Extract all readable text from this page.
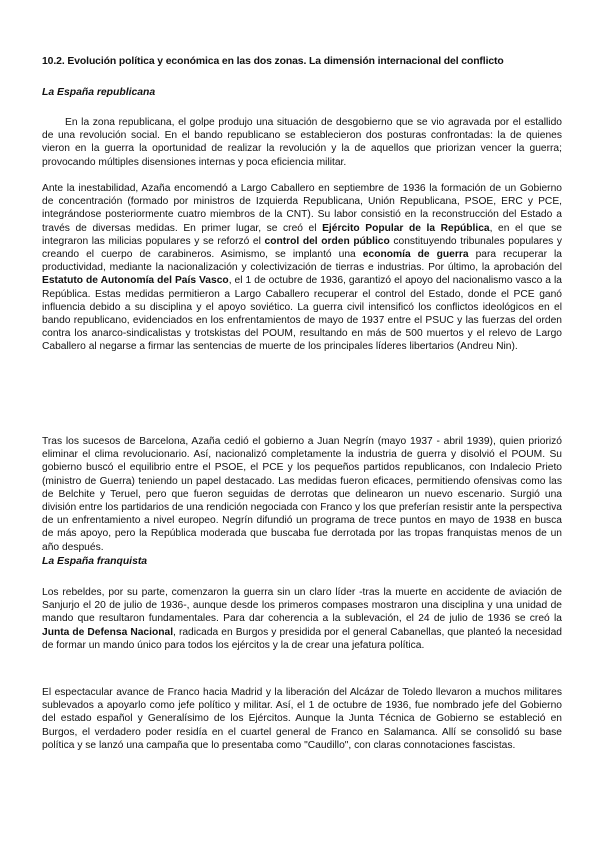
10.2. Evolución política y económica en las dos zonas. La dimensión internacional del conflicto
La España republicana

En la zona republicana, el golpe produjo una situación de desgobierno que se vio agravada por el estallido de una revolución social. En el bando republicano se establecieron dos posturas confrontadas: la de quienes vieron en la guerra la oportunidad de realizar la revolución y la de aquellos que priorizan vencer la guerra; provocando múltiples disensiones internas y poca eficiencia militar.

Ante la inestabilidad, Azaña encomendó a Largo Caballero en septiembre de 1936 la formación de un Gobierno de concentración (formado por ministros de Izquierda Republicana, Unión Republicana, PSOE, ERC y PCE, integrándose posteriormente cuatro miembros de la CNT). Su labor consistió en la reconstrucción del Estado a través de diversas medidas. En primer lugar, se creó el Ejército Popular de la República, en el que se integraron las milicias populares y se reforzó el control del orden público constituyendo tribunales populares y creando el cuerpo de carabineros. Asimismo, se implantó una economía de guerra para recuperar la productividad, mediante la nacionalización y colectivización de tierras e industrias. Por último, la aprobación del Estatuto de Autonomía del País Vasco, el 1 de octubre de 1936, garantizó el apoyo del nacionalismo vasco a la República. Estas medidas permitieron a Largo Caballero recuperar el control del Estado, donde el PCE ganó influencia debido a su disciplina y el apoyo soviético. La guerra civil intensificó los conflictos ideológicos en el bando republicano, evidenciados en los enfrentamientos de mayo de 1937 entre el PSUC y las fuerzas del orden contra los anarco-sindicalistas y trotskistas del POUM, resultando en más de 500 muertos y el relevo de Largo Caballero al negarse a firmar las sentencias de muerte de los principales líderes libertarios (Andreu Nin).

Tras los sucesos de Barcelona, Azaña cedió el gobierno a Juan Negrín (mayo 1937 - abril 1939), quien priorizó eliminar el clima revolucionario. Así, nacionalizó completamente la industria de guerra y disolvió el POUM. Su gobierno buscó el equilibrio entre el PSOE, el PCE y los pequeños partidos republicanos, con Indalecio Prieto (ministro de Guerra) teniendo un papel destacado. Las medidas fueron eficaces, permitiendo ofensivas como las de Belchite y Teruel, pero que fueron seguidas de derrotas que delinearon un nuevo escenario. Surgió una división entre los partidarios de una rendición negociada con Franco y los que preferían resistir ante la perspectiva de un enfrentamiento a nivel europeo. Negrín difundió un programa de trece puntos en mayo de 1938 en busca de más apoyo, pero la República moderada que buscaba fue derrotada por las tropas franquistas menos de un año después.

La España franquista

Los rebeldes, por su parte, comenzaron la guerra sin un claro líder -tras la muerte en accidente de aviación de Sanjurjo el 20 de julio de 1936-, aunque desde los primeros compases mostraron una disciplina y una unidad de mando que resultaron fundamentales. Para dar coherencia a la sublevación, el 24 de julio de 1936 se creó la Junta de Defensa Nacional, radicada en Burgos y presidida por el general Cabanellas, que planteó la necesidad de formar un mando único para todos los ejércitos y la de crear una jefatura política.

El espectacular avance de Franco hacia Madrid y la liberación del Alcázar de Toledo llevaron a muchos militares sublevados a apoyarlo como jefe político y militar. Así, el 1 de octubre de 1936, fue nombrado jefe del Gobierno del estado español y Generalísimo de los Ejércitos. Aunque la Junta Técnica de Gobierno se estableció en Burgos, el verdadero poder residía en el cuartel general de Franco en Salamanca. Allí se consolidó su base política y se lanzó una campaña que lo presentaba como "Caudillo", con claras connotaciones fascistas.
